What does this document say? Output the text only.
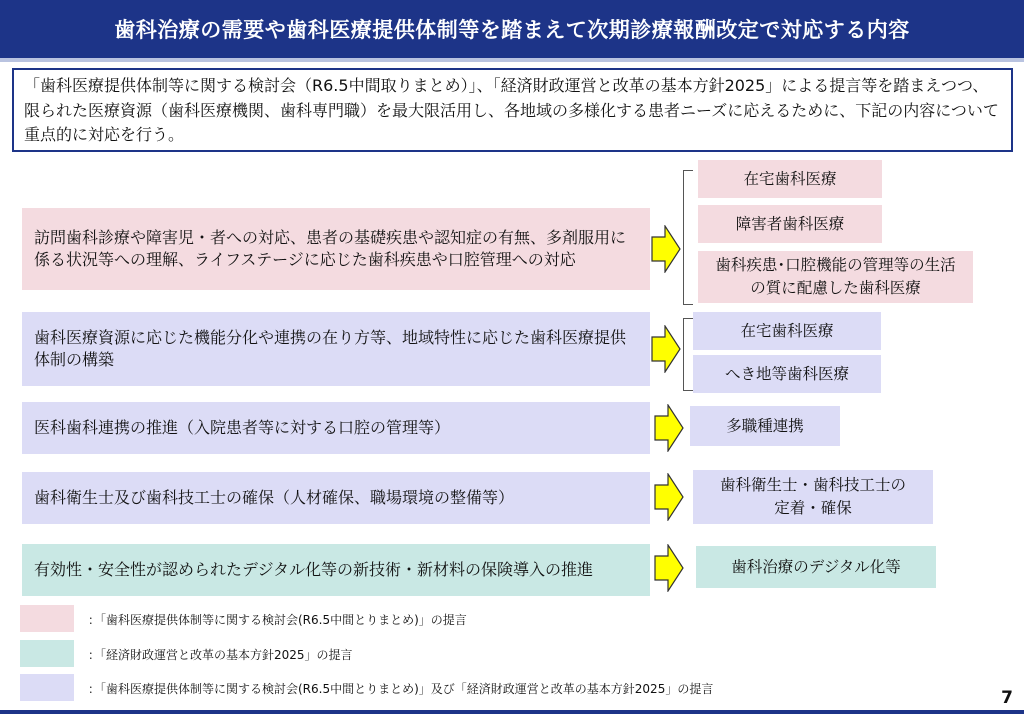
歯科治療の需要や歯科医療提供体制等を踏まえて次期診療報酬改定で対応する内容
「歯科医療提供体制等に関する検討会（R6.5中間取りまとめ）」、「経済財政運営と改革の基本方針2025」による提言等を踏まえつつ、限られた医療資源（歯科医療機関、歯科専門職）を最大限活用し、各地域の多様化する患者ニーズに応えるために、下記の内容について重点的に対応を行う。
訪問歯科診療や障害児・者への対応、患者の基礎疾患や認知症の有無、多剤服用に係る状況等への理解、ライフステージに応じた歯科疾患や口腔管理への対応
在宅歯科医療
障害者歯科医療
歯科疾患･口腔機能の管理等の生活の質に配慮した歯科医療
歯科医療資源に応じた機能分化や連携の在り方等、地域特性に応じた歯科医療提供体制の構築
在宅歯科医療
へき地等歯科医療
医科歯科連携の推進（入院患者等に対する口腔の管理等）	多職種連携
歯科衛生士及び歯科技工士の確保（人材確保、職場環境の整備等）
歯科衛生士・歯科技工士の定着・確保
有効性・安全性が認められたデジタル化等の新技術・新材料の保険導入の推進	歯科治療のデジタル化等
：「歯科医療提供体制等に関する検討会(R6.5中間とりまとめ)」の提言
：「経済財政運営と改革の基本方針2025」の提言
：「歯科医療提供体制等に関する検討会(R6.5中間とりまとめ)」及び「経済財政運営と改革の基本方針2025」の提言	7
